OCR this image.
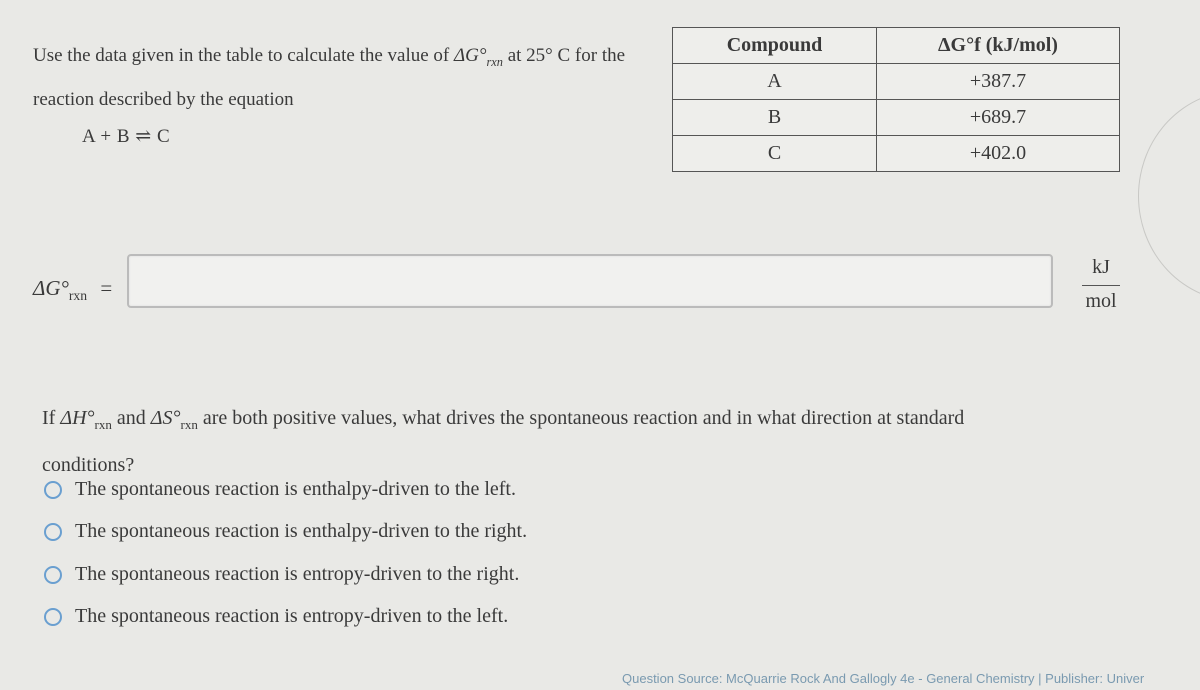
Use the data given in the table to calculate the value of $\Delta G^\circ_{rxn}$ at 25° C for the reaction described by the equation
A + B ⇌ C
Compound	ΔG°f (kJ/mol)
A	+387.7
B	+689.7
C	+402.0
$\Delta G^\circ_{rxn}$ =
kJ
mol
If $\Delta H^\circ_{rxn}$ and $\Delta S^\circ_{rxn}$ are both positive values, what drives the spontaneous reaction and in what direction at standard conditions?
The spontaneous reaction is enthalpy-driven to the left.
The spontaneous reaction is enthalpy-driven to the right.
The spontaneous reaction is entropy-driven to the right.
The spontaneous reaction is entropy-driven to the left.
Question Source: McQuarrie Rock And Gallogly 4e - General Chemistry | Publisher: Univer
